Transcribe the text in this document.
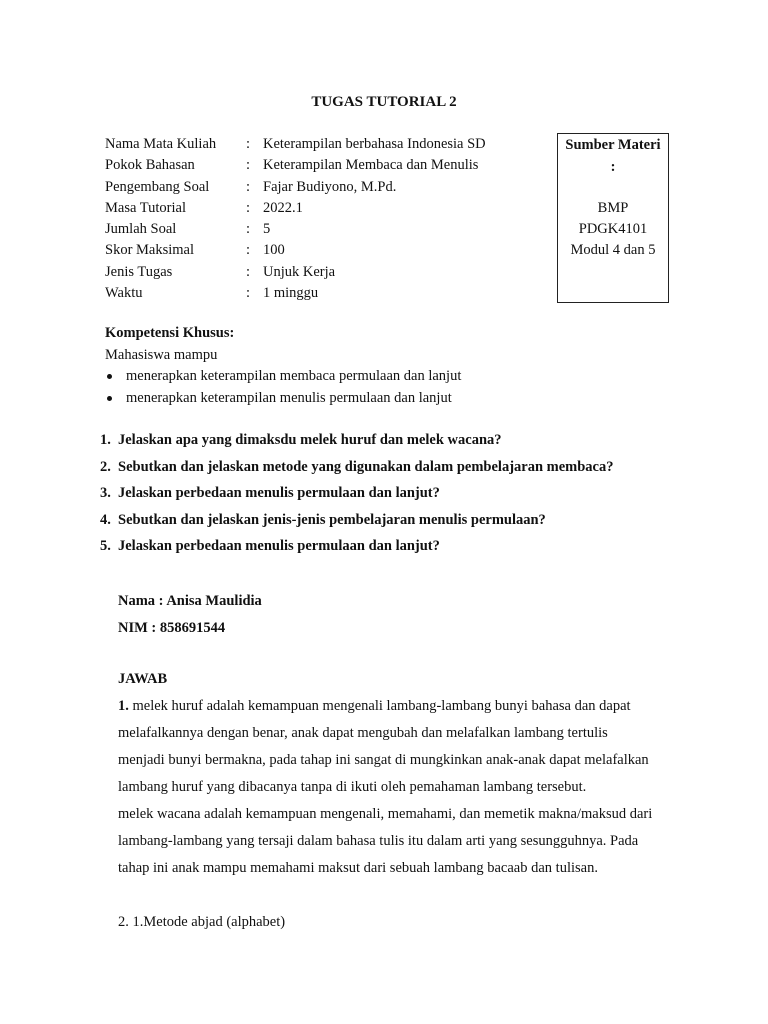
TUGAS TUTORIAL 2
Nama Mata Kuliah : Keterampilan berbahasa Indonesia SD
Pokok Bahasan	: Keterampilan Membaca dan Menulis
Pengembang Soal	: Fajar Budiyono, M.Pd.
Masa Tutorial	: 2022.1
Jumlah Soal	: 5
Skor Maksimal	: 100
Jenis Tugas	: Unjuk Kerja
Waktu	: 1 minggu
Sumber Materi
:
BMP
PDGK4101
Modul 4 dan 5
Kompetensi Khusus:
Mahasiswa mampu
menerapkan keterampilan membaca permulaan dan lanjut
menerapkan keterampilan menulis permulaan dan lanjut
1. Jelaskan apa yang dimaksdu melek huruf dan melek wacana?
2. Sebutkan dan jelaskan metode yang digunakan dalam pembelajaran membaca?
3. Jelaskan perbedaan menulis permulaan dan lanjut?
4. Sebutkan dan jelaskan jenis-jenis pembelajaran menulis permulaan?
5. Jelaskan perbedaan menulis permulaan dan lanjut?
Nama : Anisa Maulidia
NIM : 858691544
JAWAB

1. melek huruf adalah kemampuan mengenali lambang-lambang bunyi bahasa dan dapat melafalkannya dengan benar, anak dapat mengubah dan melafalkan lambang tertulis menjadi bunyi bermakna, pada tahap ini sangat di mungkinkan anak-anak dapat melafalkan lambang huruf yang dibacanya tanpa di ikuti oleh pemahaman lambang tersebut.

melek wacana adalah kemampuan mengenali, memahami, dan memetik makna/maksud dari lambang-lambang yang tersaji dalam bahasa tulis itu dalam arti yang sesungguhnya. Pada tahap ini anak mampu memahami maksut dari sebuah lambang bacaab dan tulisan.

2. 1.Metode abjad (alphabet)
